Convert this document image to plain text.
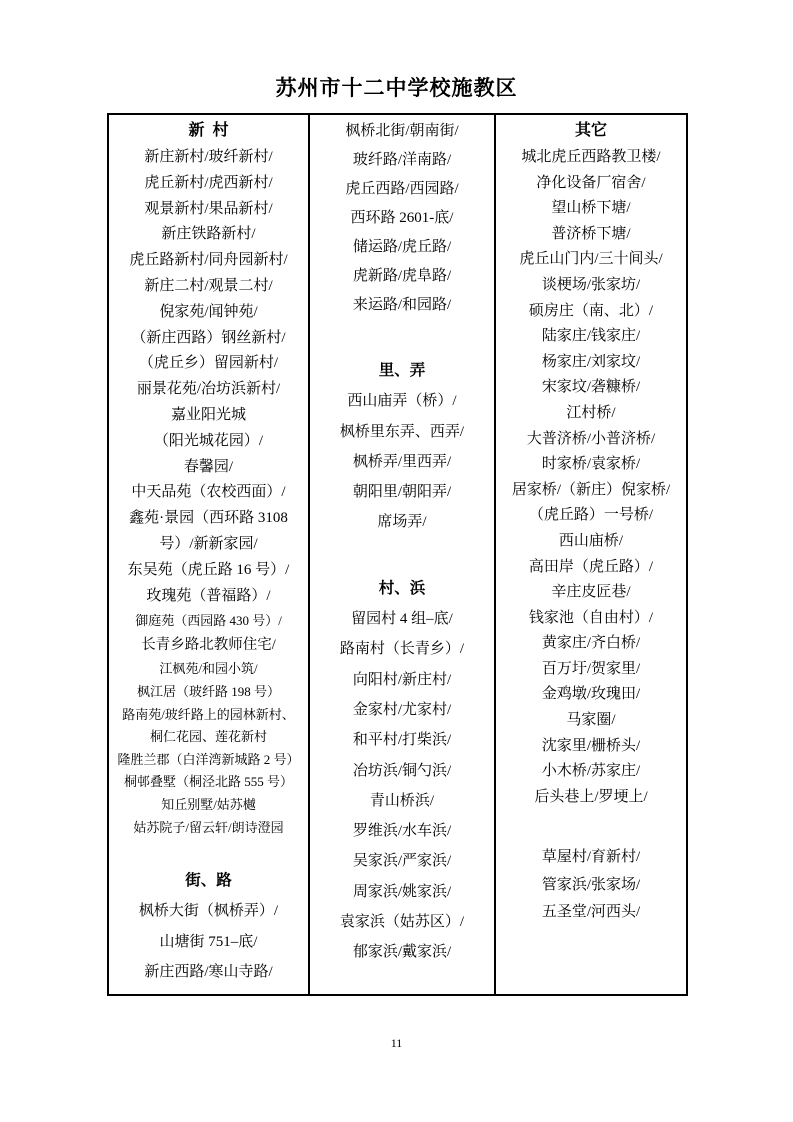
苏州市十二中学校施教区
新  村
新庄新村/玻纤新村/
虎丘新村/虎西新村/
观景新村/果品新村/
新庄铁路新村/
虎丘路新村/同舟园新村/
新庄二村/观景二村/
倪家苑/闻钟苑/
（新庄西路）钢丝新村/
（虎丘乡）留园新村/
丽景花苑/冶坊浜新村/
嘉业阳光城
（阳光城花园）/
春馨园/
中天品苑（农校西面）/
鑫苑·景园（西环路 3108
号）/新新家园/
东吴苑（虎丘路 16 号）/
玫瑰苑（普福路）/
御庭苑（西园路 430 号）/
长青乡路北教师住宅/
江枫苑/和园小筑/
枫江居（玻纤路 198 号）
路南苑/玻纤路上的园林新村、
桐仁花园、莲花新村
隆胜兰郡（白洋湾新城路 2 号）
桐邨叠墅（桐泾北路 555 号）
知丘别墅/姑苏樾
姑苏院子/留云轩/朗诗澄园
街、路
枫桥大街（枫桥弄）/
山塘街 751–底/
新庄西路/寒山寺路/
枫桥北街/朝南街/
玻纤路/洋南路/
虎丘西路/西园路/
西环路 2601-底/
储运路/虎丘路/
虎新路/虎阜路/
来运路/和园路/
里、弄
西山庙弄（桥）/
枫桥里东弄、西弄/
枫桥弄/里西弄/
朝阳里/朝阳弄/
席场弄/
村、浜
留园村 4 组–底/
路南村（长青乡）/
向阳村/新庄村/
金家村/尤家村/
和平村/打柴浜/
冶坊浜/铜勺浜/
青山桥浜/
罗维浜/水车浜/
吴家浜/严家浜/
周家浜/姚家浜/
袁家浜（姑苏区）/
郁家浜/戴家浜/
其它
城北虎丘西路教卫楼/
净化设备厂宿舍/
望山桥下塘/
普济桥下塘/
虎丘山门内/三十间头/
谈梗场/张家坊/
硕房庄（南、北）/
陆家庄/钱家庄/
杨家庄/刘家坟/
宋家坟/砻糠桥/
江村桥/
大普济桥/小普济桥/
时家桥/袁家桥/
居家桥/（新庄）倪家桥/
（虎丘路）一号桥/
西山庙桥/
高田岸（虎丘路）/
辛庄皮匠巷/
钱家池（自由村）/
黄家庄/齐白桥/
百万圩/贺家里/
金鸡墩/玫瑰田/
马家圈/
沈家里/栅桥头/
小木桥/苏家庄/
后头巷上/罗埂上/
草屋村/育新村/
管家浜/张家场/
五圣堂/河西头/
11
